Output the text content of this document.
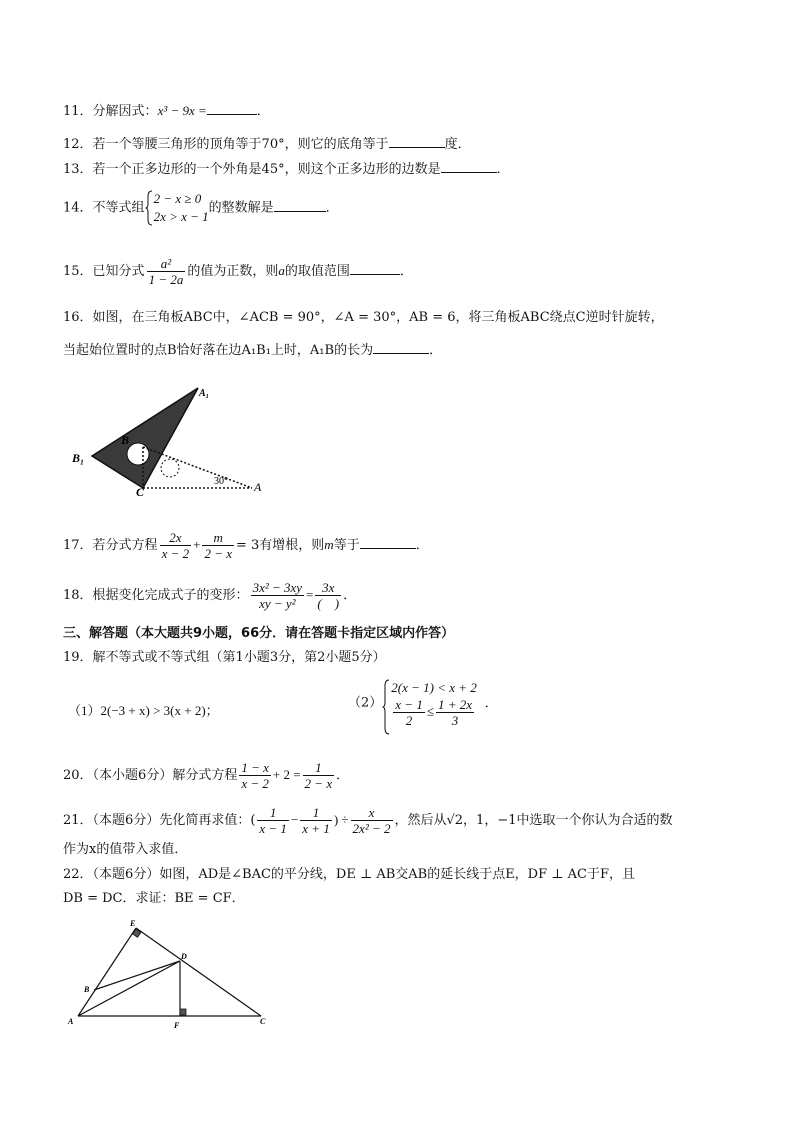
11．分解因式：x³ − 9x =	．
12．若一个等腰三角形的顶角等于70°，则它的底角等于	度．
13．若一个正多边形的一个外角是45°，则这个正多边形的边数是	．
14．不等式组
2 − x ≥ 0
2x > x − 1
的整数解是	．
15．已知分式 $\frac{\text{a²}}{1 - 2a}$ 的值为正数，则a的取值范围	．
16．如图，在三角板ABC中，∠ACB = 90°，∠A = 30°，AB = 6，将三角板ABC绕点C逆时针旋转，
当起始位置时的点B恰好落在边A₁B₁上时，A₁B的长为	．
A₁
B
B₁
C	A
30°
17．若分式方程 $\frac{2x}{x - 2} + \frac{m}{2 - x} = 3$有增根，则m等于	．
18．根据变化完成式子的变形： $\frac{\text{3x² − 3xy}}{\text{xy − y²}} = \frac{3x}{( )}$ ．
三、解答题（本大题共9小题，66分．请在答题卡指定区域内作答）
19．解不等式或不等式组（第1小题3分，第2小题5分）
（1）2(−3 + x) > 3(x + 2)；	（2）
2(x − 1) < x + 2
$\frac{x - 1}{2} \le \frac{1 + 2x}{3}$ ．
20．（本小题6分）解分式方程 $\frac{1 - x}{x - 2} + 2 = \frac{1}{2 - x}$ ．
21．（本题6分）先化简再求值：( $\frac{1}{x - 1} - \frac{1}{x + 1}$ ) ÷ $\frac{x}{\text{2x² − 2}}$ ，然后从√2，1，−1中选取一个你认为合适的数
作为x的值带入求值．
22．（本题6分）如图，AD是∠BAC的平分线，DE ⊥ AB交AB的延长线于点E，DF ⊥ AC于F，且
DB = DC．求证：BE = CF．
E
D
B
A	F	C
